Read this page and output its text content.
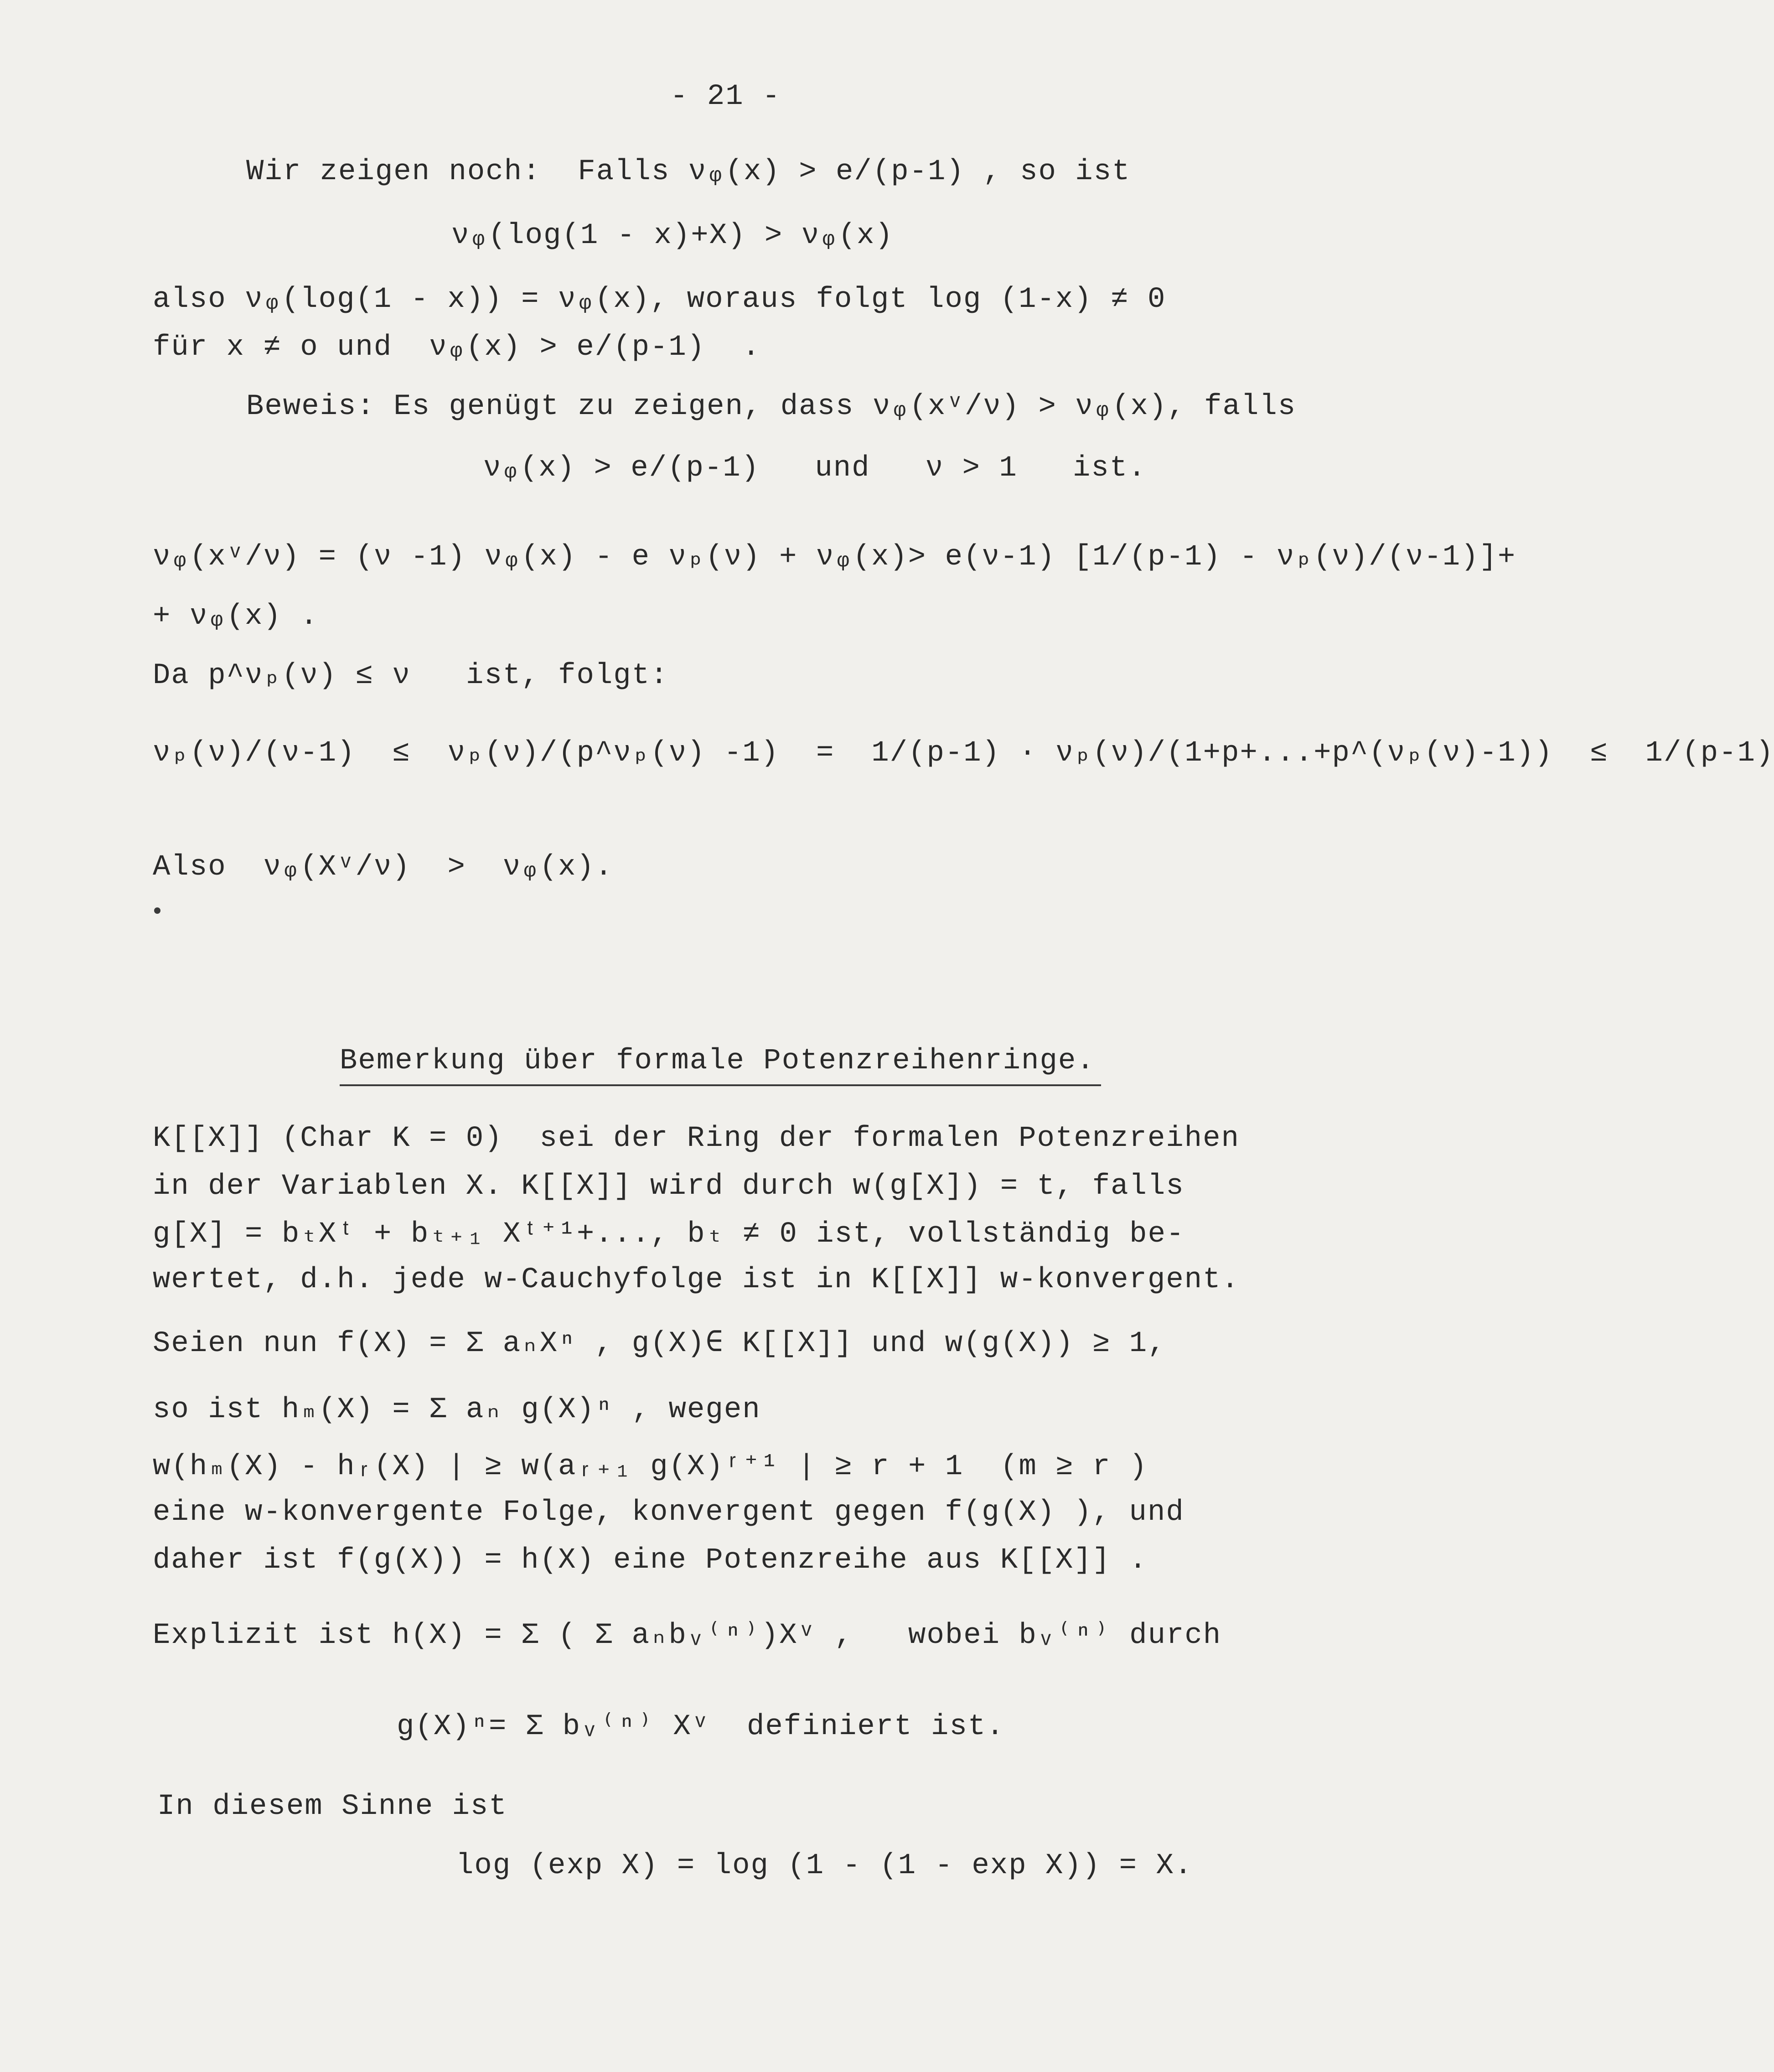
- 21 -
Wir zeigen noch:  Falls νᵩ(x) > e/(p-1) , so ist
νᵩ(log(1 - x)+X) > νᵩ(x)
also νᵩ(log(1 - x)) = νᵩ(x), woraus folgt log (1-x) ≠ 0
für x ≠ o und  νᵩ(x) > e/(p-1)  .
Beweis: Es genügt zu zeigen, dass νᵩ(xᵛ/ν) > νᵩ(x), falls
νᵩ(x) > e/(p-1)   und   ν > 1   ist.
νᵩ(xᵛ/ν) = (ν -1) νᵩ(x) - e νₚ(ν) + νᵩ(x)> e(ν-1) [1/(p-1) - νₚ(ν)/(ν-1)]+
+ νᵩ(x) .
Da p^νₚ(ν) ≤ ν   ist, folgt:
νₚ(ν)/(ν-1)  ≤  νₚ(ν)/(p^νₚ(ν) -1)  =  1/(p-1) · νₚ(ν)/(1+p+...+p^(νₚ(ν)-1))  ≤  1/(p-1)
Also  νᵩ(Xᵛ/ν)  >  νᵩ(x).
Bemerkung über formale Potenzreihenringe.
K[[X]] (Char K = 0)  sei der Ring der formalen Potenzreihen
in der Variablen X. K[[X]] wird durch w(g[X]) = t, falls
g[X] = bₜXᵗ + bₜ₊₁ Xᵗ⁺¹+..., bₜ ≠ 0 ist, vollständig be-
wertet, d.h. jede w-Cauchyfolge ist in K[[X]] w-konvergent.
Seien nun f(X) = Σ aₙXⁿ , g(X)∈ K[[X]] und w(g(X)) ≥ 1,
so ist hₘ(X) = Σ aₙ g(X)ⁿ , wegen
w(hₘ(X) - hᵣ(X) | ≥ w(aᵣ₊₁ g(X)ʳ⁺¹ | ≥ r + 1  (m ≥ r )
eine w-konvergente Folge, konvergent gegen f(g(X) ), und
daher ist f(g(X)) = h(X) eine Potenzreihe aus K[[X]] .
Explizit ist h(X) = Σ ( Σ aₙbᵥ⁽ⁿ⁾)Xᵛ ,   wobei bᵥ⁽ⁿ⁾ durch
g(X)ⁿ= Σ bᵥ⁽ⁿ⁾ Xᵛ  definiert ist.
In diesem Sinne ist
log (exp X) = log (1 - (1 - exp X)) = X.
